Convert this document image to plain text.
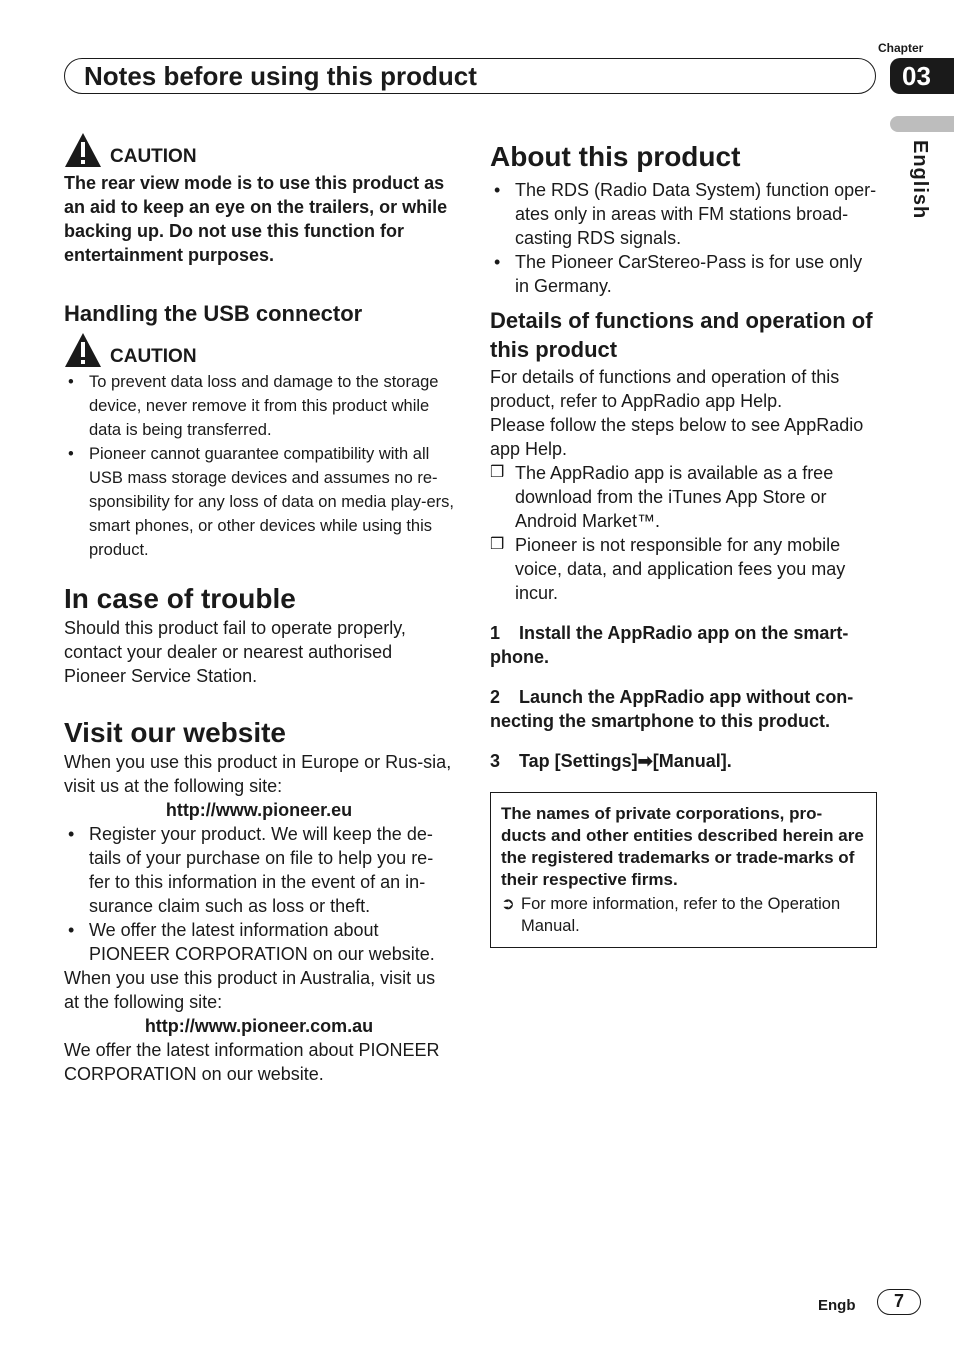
Chapter
03
Notes before using this product
English
CAUTION
The rear view mode is to use this product as an aid to keep an eye on the trailers, or while backing up. Do not use this function for entertainment purposes.
Handling the USB connector
CAUTION
• To prevent data loss and damage to the storage device, never remove it from this product while data is being transferred.
• Pioneer cannot guarantee compatibility with all USB mass storage devices and assumes no re-sponsibility for any loss of data on media play-ers, smart phones, or other devices while using this product.
In case of trouble
Should this product fail to operate properly, contact your dealer or nearest authorised Pioneer Service Station.
Visit our website
When you use this product in Europe or Rus-sia, visit us at the following site:
http://www.pioneer.eu
• Register your product. We will keep the de-tails of your purchase on file to help you re-fer to this information in the event of an in-surance claim such as loss or theft.
• We offer the latest information about PIONEER CORPORATION on our website.
When you use this product in Australia, visit us at the following site:
http://www.pioneer.com.au
We offer the latest information about PIONEER CORPORATION on our website.
About this product
• The RDS (Radio Data System) function oper-ates only in areas with FM stations broad-casting RDS signals.
• The Pioneer CarStereo-Pass is for use only in Germany.
Details of functions and operation of this product
For details of functions and operation of this product, refer to AppRadio app Help.
Please follow the steps below to see AppRadio app Help.
❒ The AppRadio app is available as a free download from the iTunes App Store or Android Market™.
❒ Pioneer is not responsible for any mobile voice, data, and application fees you may incur.
1 Install the AppRadio app on the smart-phone.
2 Launch the AppRadio app without con-necting the smartphone to this product.
3 Tap [Settings]➡[Manual].
The names of private corporations, pro-ducts and other entities described herein are the registered trademarks or trade-marks of their respective firms.
➲ For more information, refer to the Operation Manual.
Engb	7
